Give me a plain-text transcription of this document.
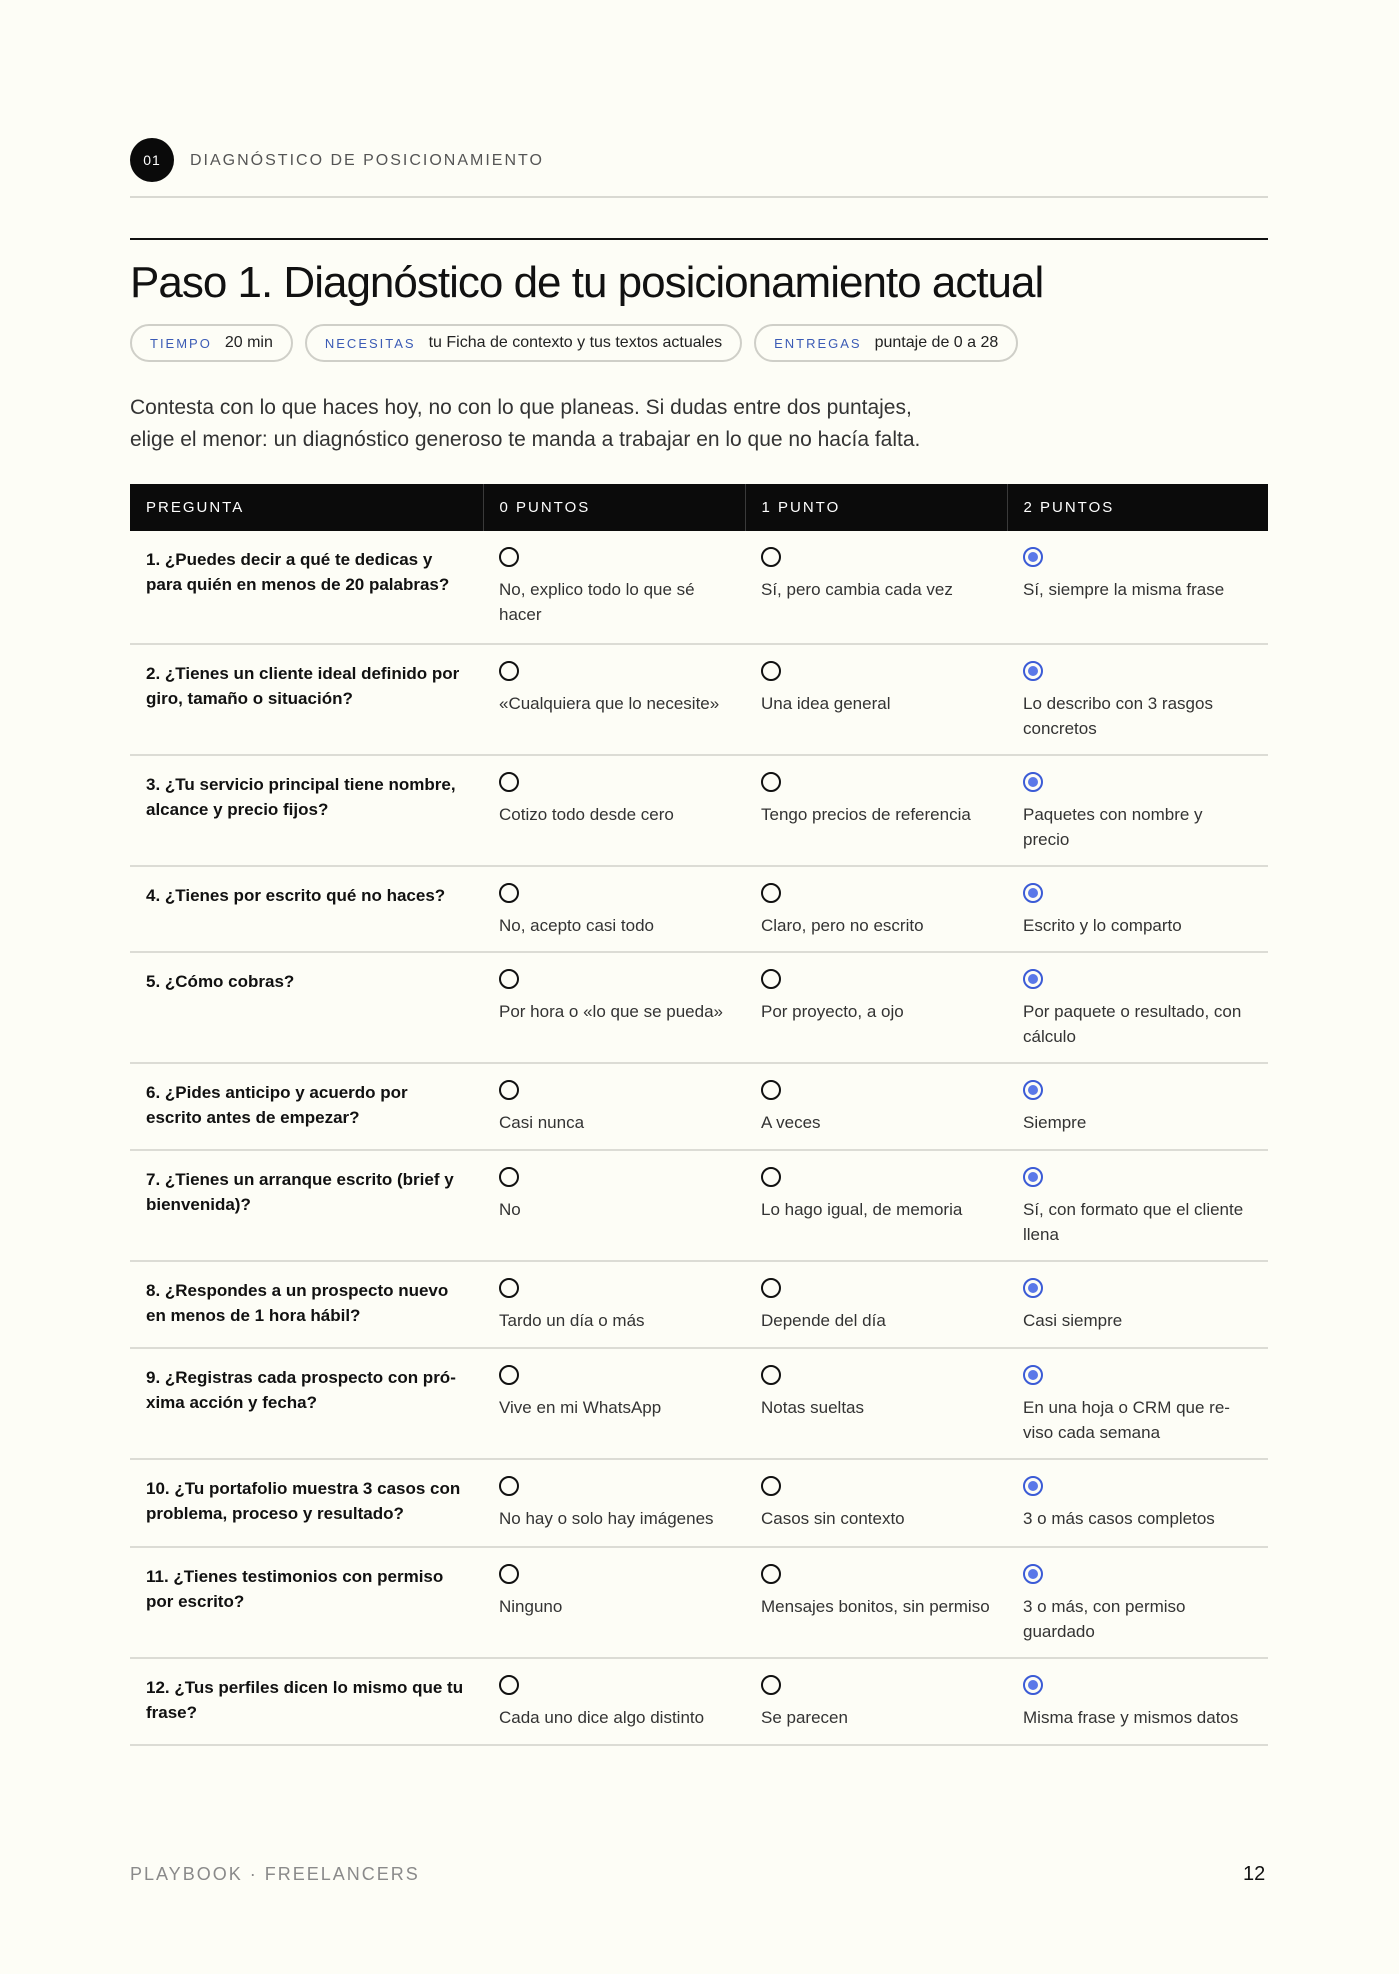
01	DIAGNÓSTICO DE POSICIONAMIENTO
Paso 1. Diagnóstico de tu posicionamiento actual
TIEMPO 20 min	NECESITAS tu Ficha de contexto y tus textos actuales	ENTREGAS puntaje de 0 a 28

Contesta con lo que haces hoy, no con lo que planeas. Si dudas entre dos puntajes,
elige el menor: un diagnóstico generoso te manda a trabajar en lo que no hacía falta.

PREGUNTA	0 PUNTOS	1 PUNTO	2 PUNTOS

1. ¿Puedes decir a qué te dedicas y para quién en menos de 20 palabras?	No, explico todo lo que sé hacer	Sí, pero cambia cada vez	Sí, siempre la misma frase

2. ¿Tienes un cliente ideal definido por giro, tamaño o situación?	«Cualquiera que lo necesite»	Una idea general	Lo describo con 3 rasgos concretos

3. ¿Tu servicio principal tiene nombre, alcance y precio fijos?	Cotizo todo desde cero	Tengo precios de referencia	Paquetes con nombre y precio

4. ¿Tienes por escrito qué no haces?	No, acepto casi todo	Claro, pero no escrito	Escrito y lo comparto

5. ¿Cómo cobras?	Por hora o «lo que se pueda»	Por proyecto, a ojo	Por paquete o resultado, con cálculo

6. ¿Pides anticipo y acuerdo por escrito antes de empezar?	Casi nunca	A veces	Siempre

7. ¿Tienes un arranque escrito (brief y bienvenida)?	No	Lo hago igual, de memoria	Sí, con formato que el cliente llena

8. ¿Respondes a un prospecto nuevo en menos de 1 hora hábil?	Tardo un día o más	Depende del día	Casi siempre

9. ¿Registras cada prospecto con pró-xima acción y fecha?	Vive en mi WhatsApp	Notas sueltas	En una hoja o CRM que re-viso cada semana

10. ¿Tu portafolio muestra 3 casos con problema, proceso y resultado?	No hay o solo hay imágenes	Casos sin contexto	3 o más casos completos

11. ¿Tienes testimonios con permiso por escrito?	Ninguno	Mensajes bonitos, sin permiso	3 o más, con permiso guardado

12. ¿Tus perfiles dicen lo mismo que tu frase?	Cada uno dice algo distinto	Se parecen	Misma frase y mismos datos
PLAYBOOK · FREELANCERS	12
